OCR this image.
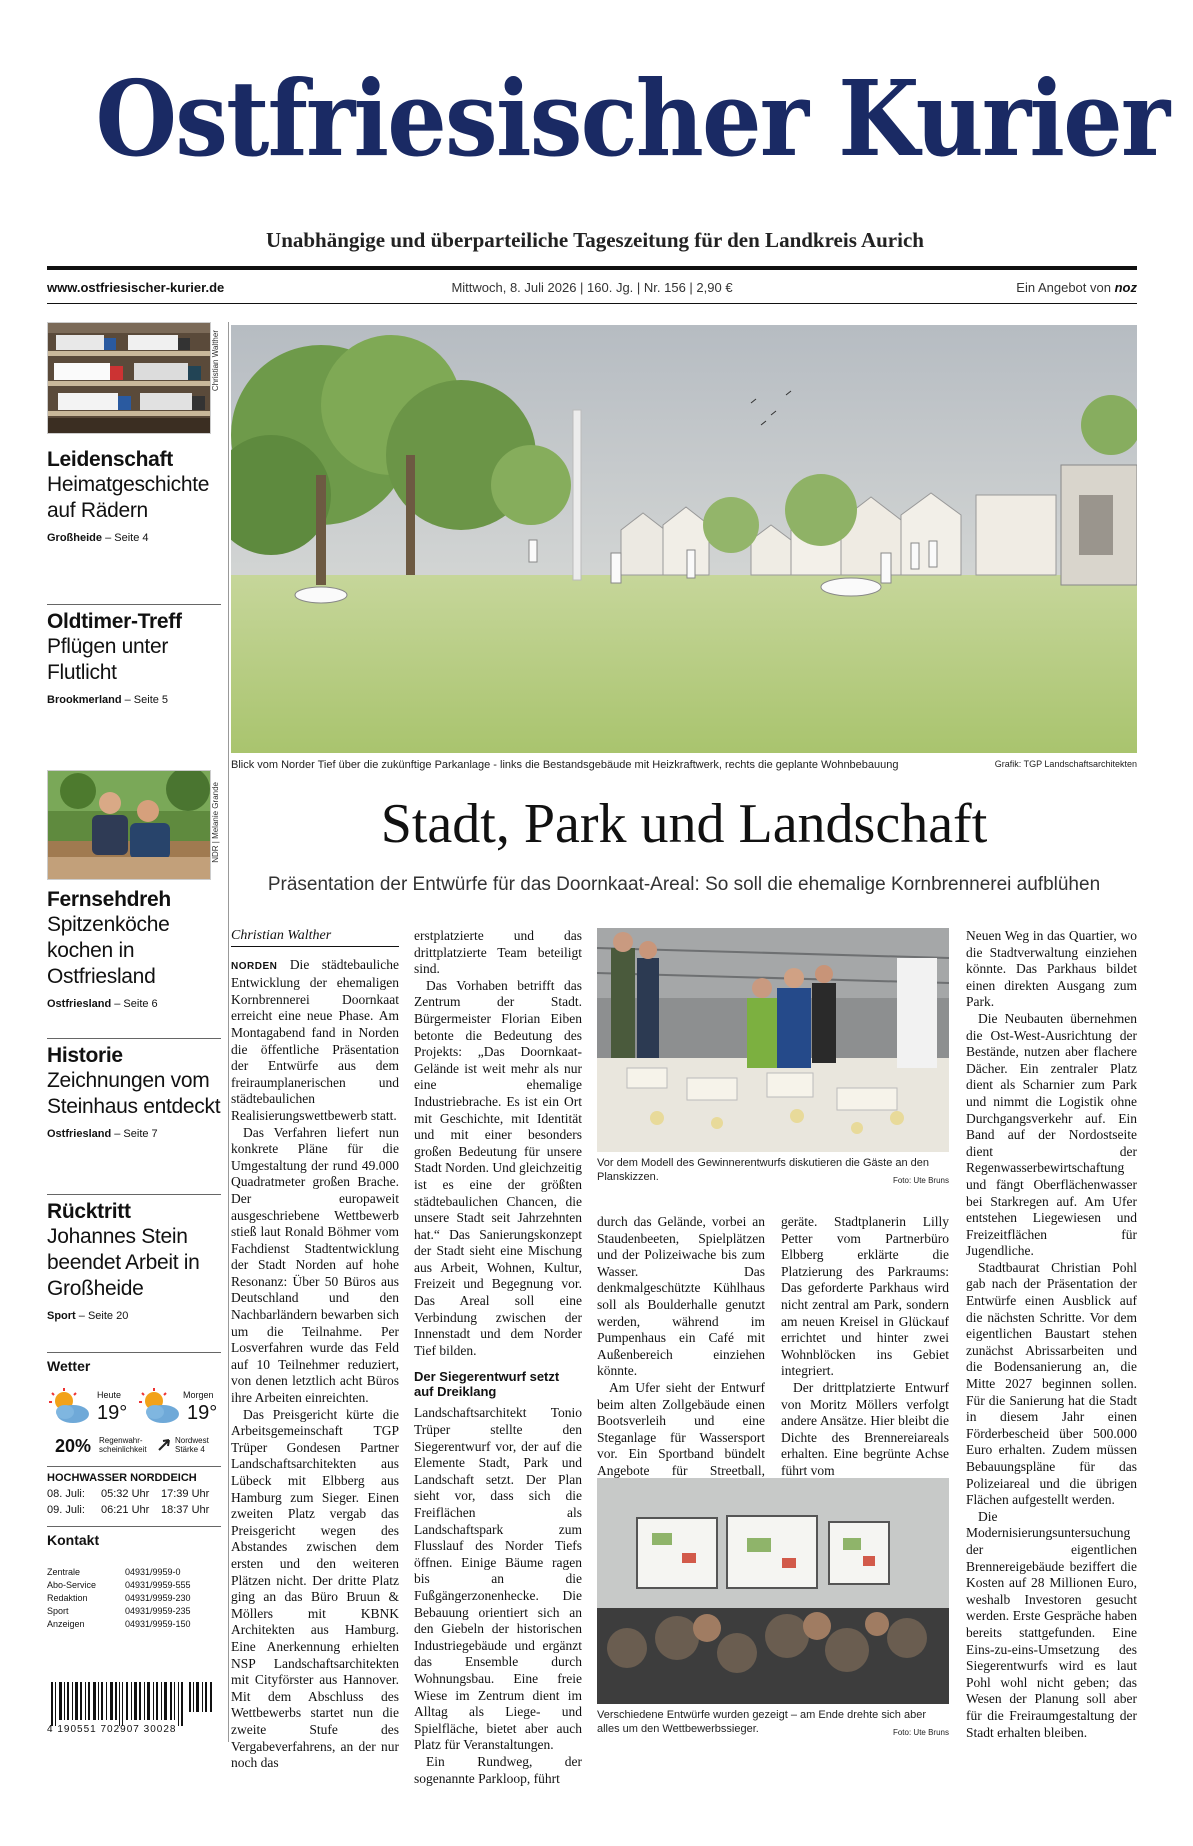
Ostfriesischer Kurier
Unabhängige und überparteiliche Tageszeitung für den Landkreis Aurich
www.ostfriesischer-kurier.de	Mittwoch, 8. Juli 2026 | 160. Jg. | Nr. 156 | 2,90 €	Ein Angebot von noz
Christian Walther
Leidenschaft
Heimatgeschichte auf Rädern
Großheide – Seite 4
Oldtimer-Treff
Pflügen unter Flutlicht
Brookmerland – Seite 5
NDR | Melanie Grande
Fernsehdreh
Spitzenköche kochen in Ostfriesland
Ostfriesland – Seite 6
Historie
Zeichnungen vom Steinhaus entdeckt
Ostfriesland – Seite 7
Rücktritt
Johannes Stein beendet Arbeit in Großheide
Sport – Seite 20
Wetter
Heute
19°
Morgen
19°
20% Regenwahr-scheinlichkeit
Nordwest Stärke 4
HOCHWASSER NORDDEICH
08. Juli: 05:32 Uhr 17:39 Uhr
09. Juli: 06:21 Uhr 18:37 Uhr
Kontakt
Zentrale	04931/9959-0
Abo-Service	04931/9959-555
Redaktion	04931/9959-230
Sport	04931/9959-235
Anzeigen	04931/9959-150
4 190551 702907 30028
Blick vom Norder Tief über die zukünftige Parkanlage - links die Bestandsgebäude mit Heizkraftwerk, rechts die geplante Wohnbebauung	Grafik: TGP Landschaftsarchitekten
Stadt, Park und Landschaft
Präsentation der Entwürfe für das Doornkaat-Areal: So soll die ehemalige Kornbrennerei aufblühen
Christian Walther

NORDEN Die städtebauliche Entwicklung der ehemaligen Kornbrennerei Doornkaat erreicht eine neue Phase. Am Montagabend fand in Norden die öffentliche Präsentation der Entwürfe aus dem freiraumplanerischen und städtebaulichen Realisierungswettbewerb statt.

Das Verfahren liefert nun konkrete Pläne für die Umgestaltung der rund 49.000 Quadratmeter großen Brache. Der europaweit ausgeschriebene Wettbewerb stieß laut Ronald Böhmer vom Fachdienst Stadtentwicklung der Stadt Norden auf hohe Resonanz: Über 50 Büros aus Deutschland und den Nachbarländern bewarben sich um die Teilnahme. Per Losverfahren wurde das Feld auf 10 Teilnehmer reduziert, von denen letztlich acht Büros ihre Arbeiten einreichten.

Das Preisgericht kürte die Arbeitsgemeinschaft TGP Trüper Gondesen Partner Landschaftsarchitekten aus Lübeck mit Elbberg aus Hamburg zum Sieger. Einen zweiten Platz vergab das Preisgericht wegen des Abstandes zwischen dem ersten und den weiteren Plätzen nicht. Der dritte Platz ging an das Büro Bruun & Möllers mit KBNK Architekten aus Hamburg. Eine Anerkennung erhielten NSP Landschaftsarchitekten mit Cityförster aus Hannover. Mit dem Abschluss des Wettbewerbs startet nun die zweite Stufe des Vergabeverfahrens, an der nur noch das

erstplatzierte und das drittplatzierte Team beteiligt sind.

Das Vorhaben betrifft das Zentrum der Stadt. Bürgermeister Florian Eiben betonte die Bedeutung des Projekts: „Das Doornkaat-Gelände ist weit mehr als nur eine ehemalige Industriebrache. Es ist ein Ort mit Geschichte, mit Identität und mit einer besonders großen Bedeutung für unsere Stadt Norden. Und gleichzeitig ist es eine der größten städtebaulichen Chancen, die unsere Stadt seit Jahrzehnten hat.“ Das Sanierungskonzept der Stadt sieht eine Mischung aus Arbeit, Wohnen, Kultur, Freizeit und Begegnung vor. Das Areal soll eine Verbindung zwischen der Innenstadt und dem Norder Tief bilden.

Der Siegerentwurf setzt auf Dreiklang

Landschaftsarchitekt Tonio Trüper stellte den Siegerentwurf vor, der auf die Elemente Stadt, Park und Landschaft setzt. Der Plan sieht vor, dass sich die Freiflächen als Landschaftspark zum Flusslauf des Norder Tiefs öffnen. Einige Bäume ragen bis an die Fußgängerzonenhecke. Die Bebauung orientiert sich an den Giebeln der historischen Industriegebäude und ergänzt das Ensemble durch Wohnungsbau. Eine freie Wiese im Zentrum dient im Alltag als Liege- und Spielfläche, bietet aber auch Platz für Veranstaltungen.

Ein Rundweg, der sogenannte Parkloop, führt

Vor dem Modell des Gewinnerentwurfs diskutieren die Gäste an den Planskizzen.	Foto: Ute Bruns

durch das Gelände, vorbei an Staudenbeeten, Spielplätzen und der Polizeiwache bis zum Wasser. Das denkmalgeschützte Kühlhaus soll als Boulderhalle genutzt werden, während im Pumpenhaus ein Café mit Außenbereich einziehen könnte.

Am Ufer sieht der Entwurf beim alten Zollgebäude einen Bootsverleih und eine Steganlage für Wassersport vor. Ein Sportband bündelt Angebote für Streetball,

geräte. Stadtplanerin Lilly Petter vom Partnerbüro Elbberg erklärte die Platzierung des Parkraums: Das geforderte Parkhaus wird nicht zentral am Park, sondern am neuen Kreisel in Glückauf errichtet und hinter zwei Wohnblöcken ins Gebiet integriert.

Der drittplatzierte Entwurf von Moritz Möllers verfolgt andere Ansätze. Hier bleibt die Dichte des Brennereiareals erhalten. Eine begrünte Achse führt vom

Verschiedene Entwürfe wurden gezeigt – am Ende drehte sich aber alles um den Wettbewerbssieger.	Foto: Ute Bruns

Neuen Weg in das Quartier, wo die Stadtverwaltung einziehen könnte. Das Parkhaus bildet einen direkten Ausgang zum Park.

Die Neubauten übernehmen die Ost-West-Ausrichtung der Bestände, nutzen aber flachere Dächer. Ein zentraler Platz dient als Scharnier zum Park und nimmt die Logistik ohne Durchgangsverkehr auf. Ein Band auf der Nordostseite dient der Regenwasserbewirtschaftung und fängt Oberflächenwasser bei Starkregen auf. Am Ufer entstehen Liegewiesen und Freizeitflächen für Jugendliche.

Stadtbaurat Christian Pohl gab nach der Präsentation der Entwürfe einen Ausblick auf die nächsten Schritte. Vor dem eigentlichen Baustart stehen zunächst Abrissarbeiten und die Bodensanierung an, die Mitte 2027 beginnen sollen. Für die Sanierung hat die Stadt in diesem Jahr einen Förderbescheid über 500.000 Euro erhalten. Zudem müssen Bebauungspläne für das Polizeiareal und die übrigen Flächen aufgestellt werden.

Die Modernisierungsuntersuchung der eigentlichen Brennereigebäude beziffert die Kosten auf 28 Millionen Euro, weshalb Investoren gesucht werden. Erste Gespräche haben bereits stattgefunden. Eine Eins-zu-eins-Umsetzung des Siegerentwurfs wird es laut Pohl wohl nicht geben; das Wesen der Planung soll aber für die Freiraumgestaltung der Stadt erhalten bleiben.
